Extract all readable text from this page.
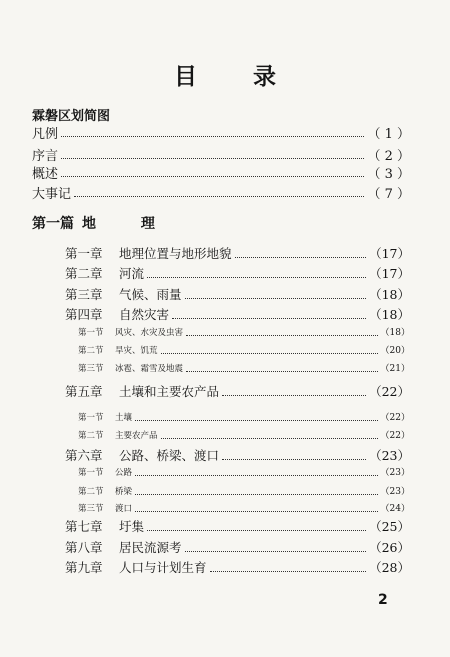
目 录
霖磐区划简图
凡例	（ 1 ）
序言	（ 2 ）
概述	（ 3 ）
大事记	（ 7 ）
第一篇 地 理
第一章 地理位置与地形地貌	（17）
第二章 河流	（17）
第三章 气候、雨量	（18）
第四章 自然灾害	（18）
第一节 风灾、水灾及虫害	（18）
第二节 旱灾、饥荒	（20）
第三节 冰雹、霜雪及地震	（21）
第五章 土壤和主要农产品	（22）
第一节 土壤	（22）
第二节 主要农产品	（22）
第六章 公路、桥梁、渡口	（23）
第一节 公路	（23）
第二节 桥梁	（23）
第三节 渡口	（24）
第七章 圩集	（25）
第八章 居民流源考	（26）
第九章 人口与计划生育	（28）
2
